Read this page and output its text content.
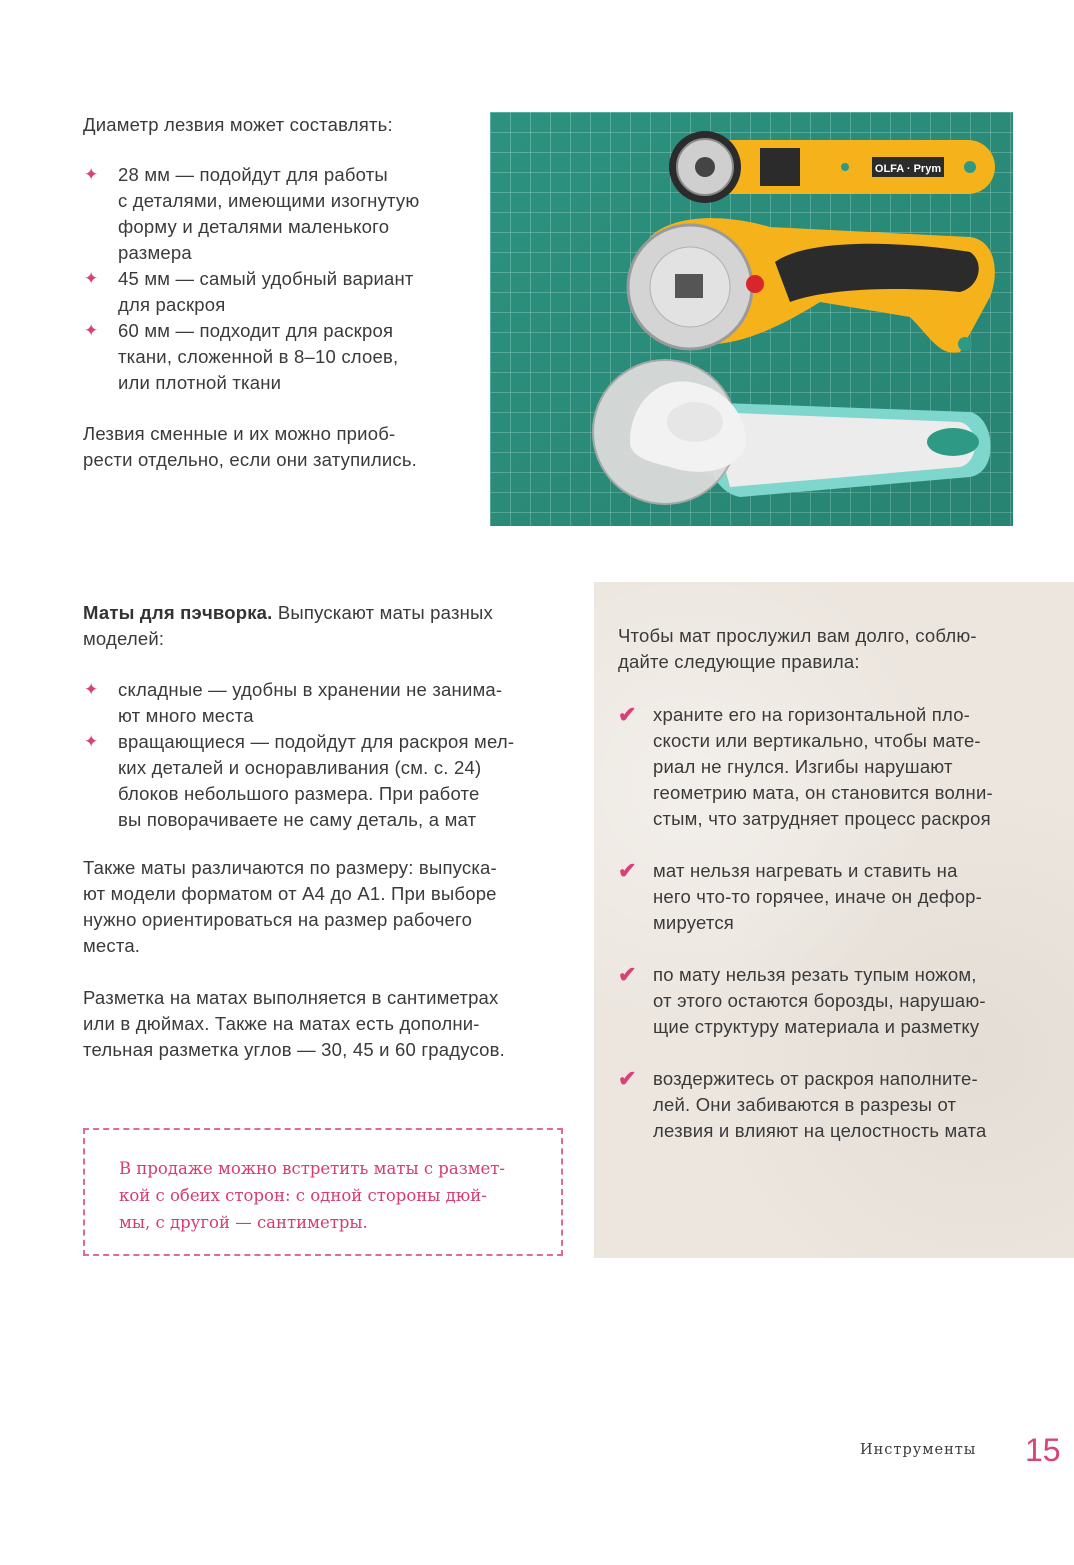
Диаметр лезвия может составлять:

✦ 28 мм — подойдут для работы
с деталями, имеющими изогнутую
форму и деталями маленького
размера
✦ 45 мм — самый удобный вариант
для раскроя
✦ 60 мм — подходит для раскроя
ткани, сложенной в 8–10 слоев,
или плотной ткани
Лезвия сменные и их можно приоб-
рести отдельно, если они затупились.
OLFA · Prym
Маты для пэчворка. Выпускают маты разных
моделей:
✦ складные — удобны в хранении не занима-
ют много места
✦ вращающиеся — подойдут для раскроя мел-
ких деталей и осноравливания (см. с. 24)
блоков небольшого размера. При работе
вы поворачиваете не саму деталь, а мат
Также маты различаются по размеру: выпуска-
ют модели форматом от А4 до А1. При выборе
нужно ориентироваться на размер рабочего
места.
Разметка на матах выполняется в сантиметрах
или в дюймах. Также на матах есть дополни-
тельная разметка углов — 30, 45 и 60 градусов.
В продаже можно встретить маты с размет-
кой с обеих сторон: с одной стороны дюй-
мы, с другой — сантиметры.
Чтобы мат прослужил вам долго, соблю-
дайте следующие правила:
✔ храните его на горизонтальной пло-
скости или вертикально, чтобы мате-
риал не гнулся. Изгибы нарушают
геометрию мата, он становится волни-
стым, что затрудняет процесс раскроя
✔ мат нельзя нагревать и ставить на
него что-то горячее, иначе он дефор-
мируется
✔ по мату нельзя резать тупым ножом,
от этого остаются борозды, нарушаю-
щие структуру материала и разметку
✔ воздержитесь от раскроя наполните-
лей. Они забиваются в разрезы от
лезвия и влияют на целостность мата
Инструменты 15
